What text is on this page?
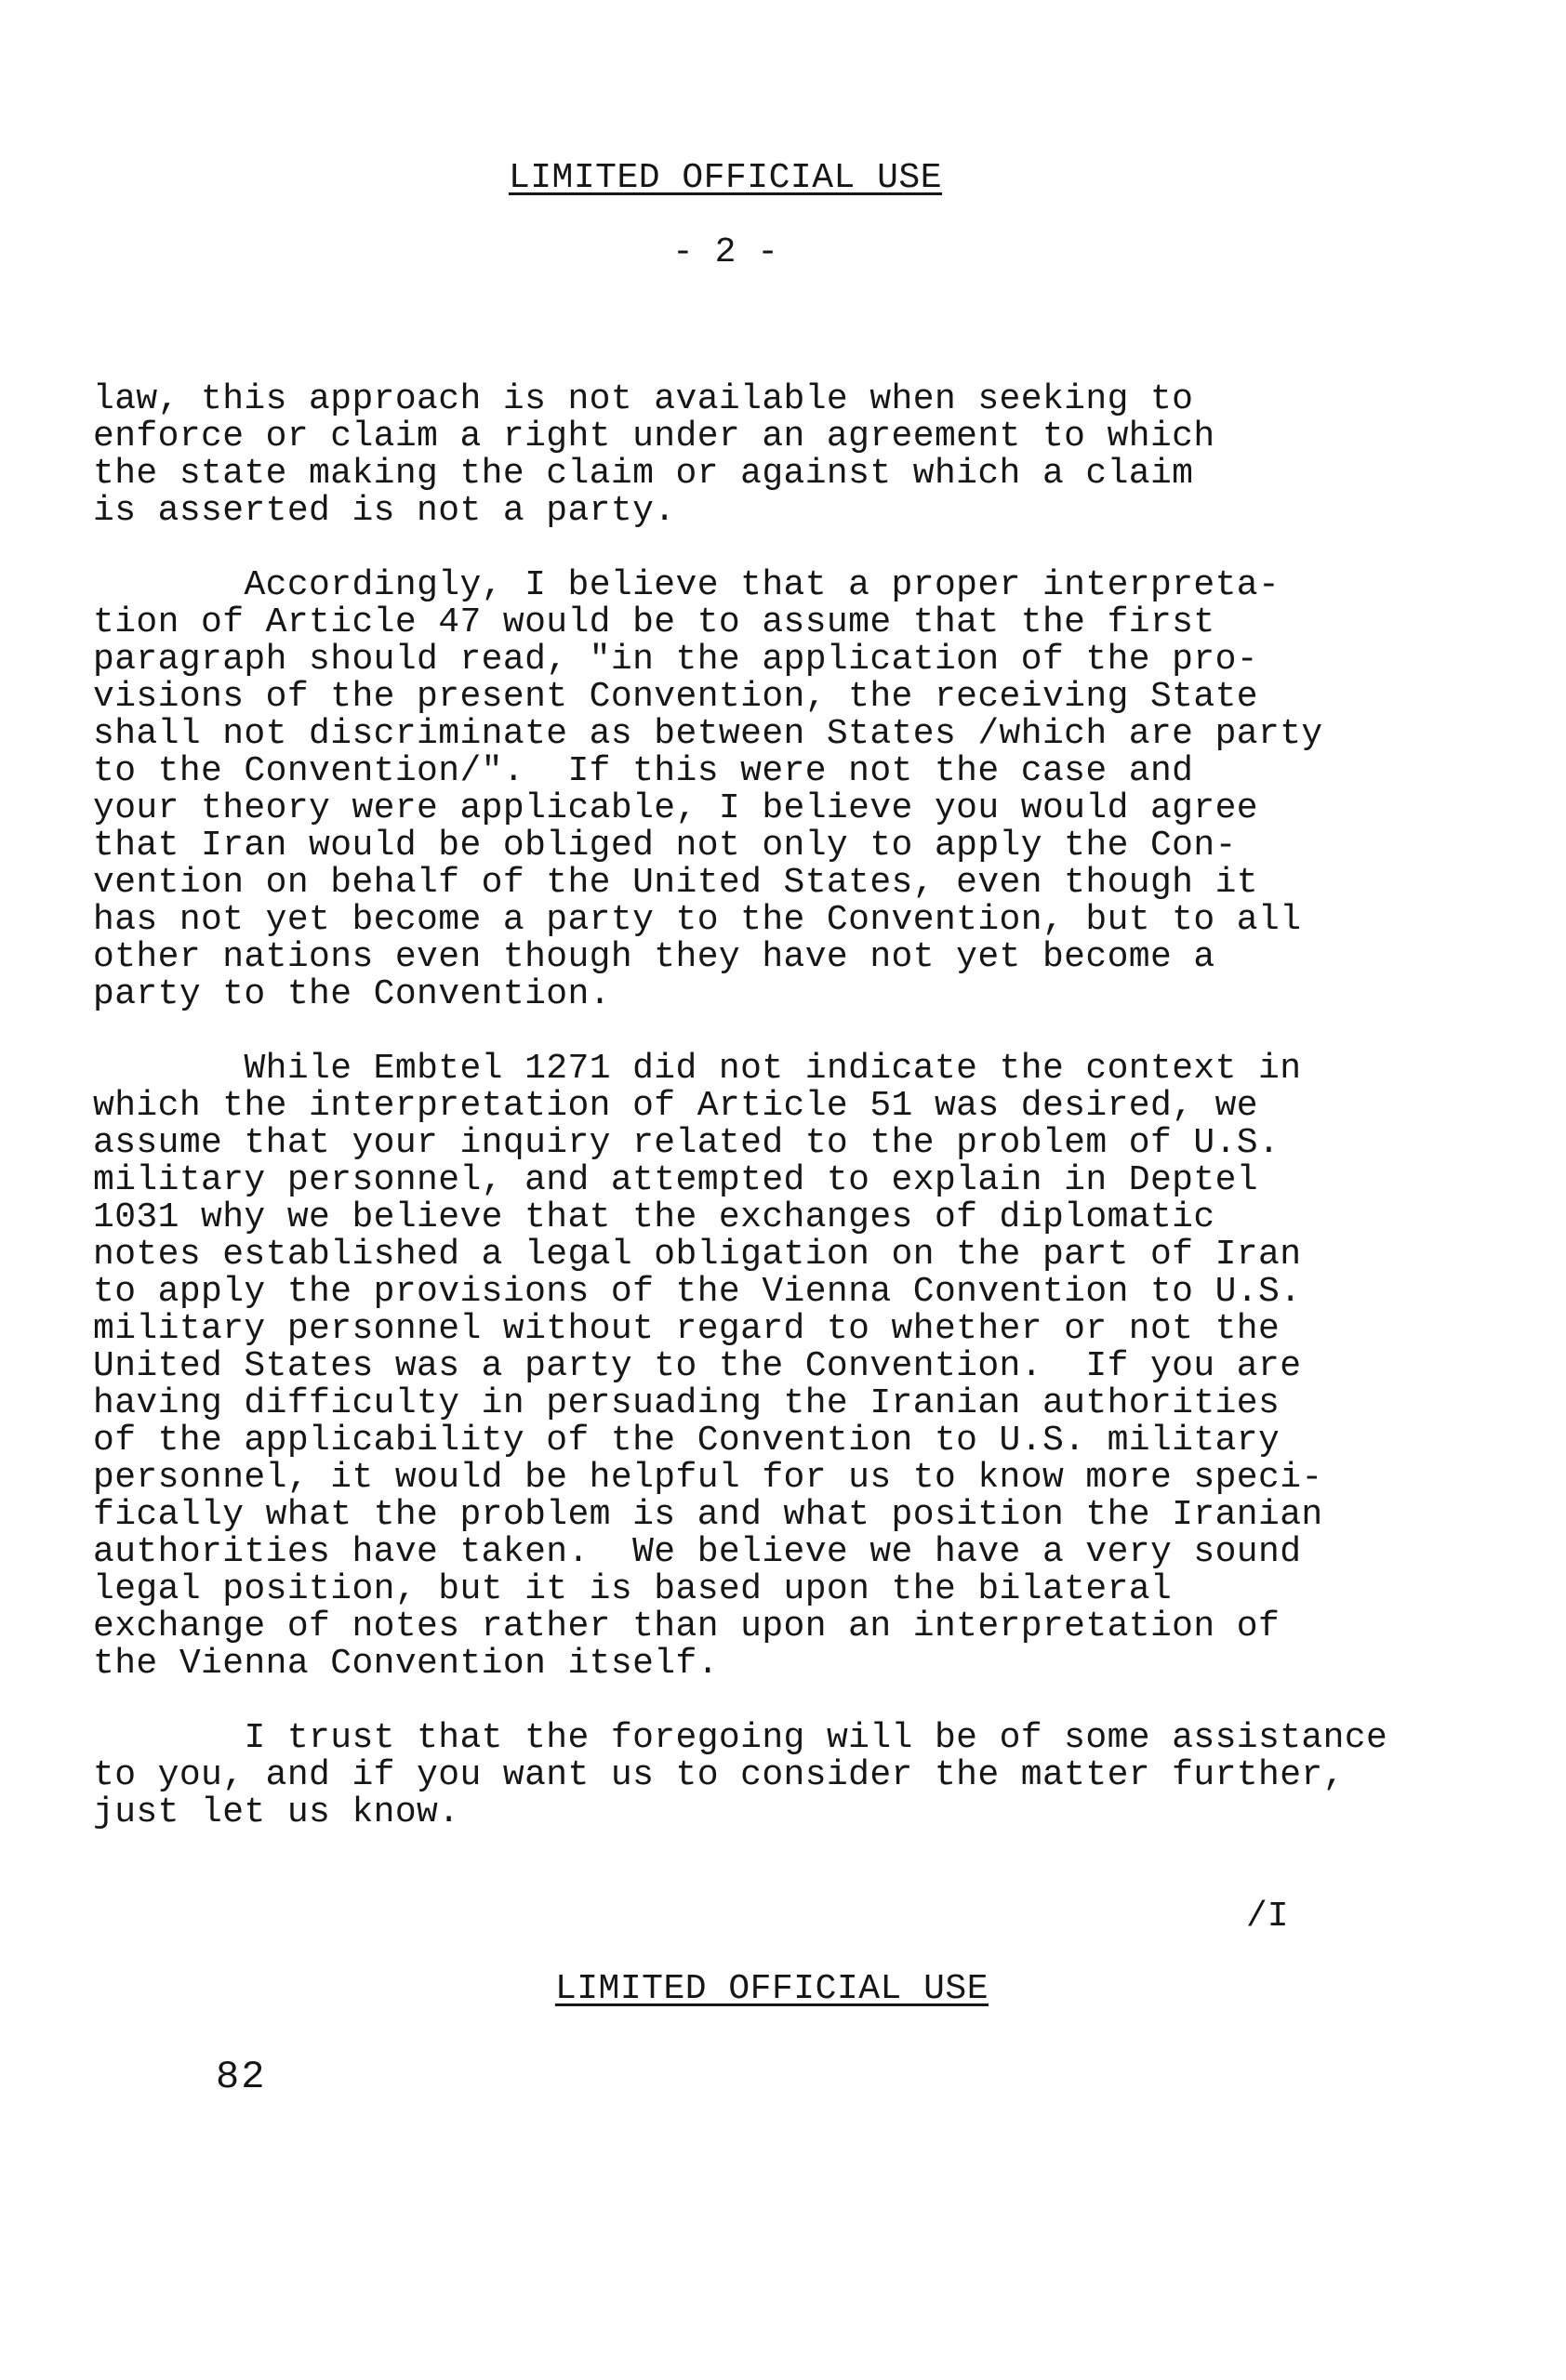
LIMITED OFFICIAL USE
- 2 -

law, this approach is not available when seeking to
enforce or claim a right under an agreement to which
the state making the claim or against which a claim
is asserted is not a party.

Accordingly, I believe that a proper interpreta-
tion of Article 47 would be to assume that the first
paragraph should read, "in the application of the pro-
visions of the present Convention, the receiving State
shall not discriminate as between States /which are party
to the Convention/".  If this were not the case and
your theory were applicable, I believe you would agree
that Iran would be obliged not only to apply the Con-
vention on behalf of the United States, even though it
has not yet become a party to the Convention, but to all
other nations even though they have not yet become a
party to the Convention.

While Embtel 1271 did not indicate the context in
which the interpretation of Article 51 was desired, we
assume that your inquiry related to the problem of U.S.
military personnel, and attempted to explain in Deptel
1031 why we believe that the exchanges of diplomatic
notes established a legal obligation on the part of Iran
to apply the provisions of the Vienna Convention to U.S.
military personnel without regard to whether or not the
United States was a party to the Convention.  If you are
having difficulty in persuading the Iranian authorities
of the applicability of the Convention to U.S. military
personnel, it would be helpful for us to know more speci-
fically what the problem is and what position the Iranian
authorities have taken.  We believe we have a very sound
legal position, but it is based upon the bilateral
exchange of notes rather than upon an interpretation of
the Vienna Convention itself.

I trust that the foregoing will be of some assistance
to you, and if you want us to consider the matter further,
just let us know.

/I
LIMITED OFFICIAL USE
82
